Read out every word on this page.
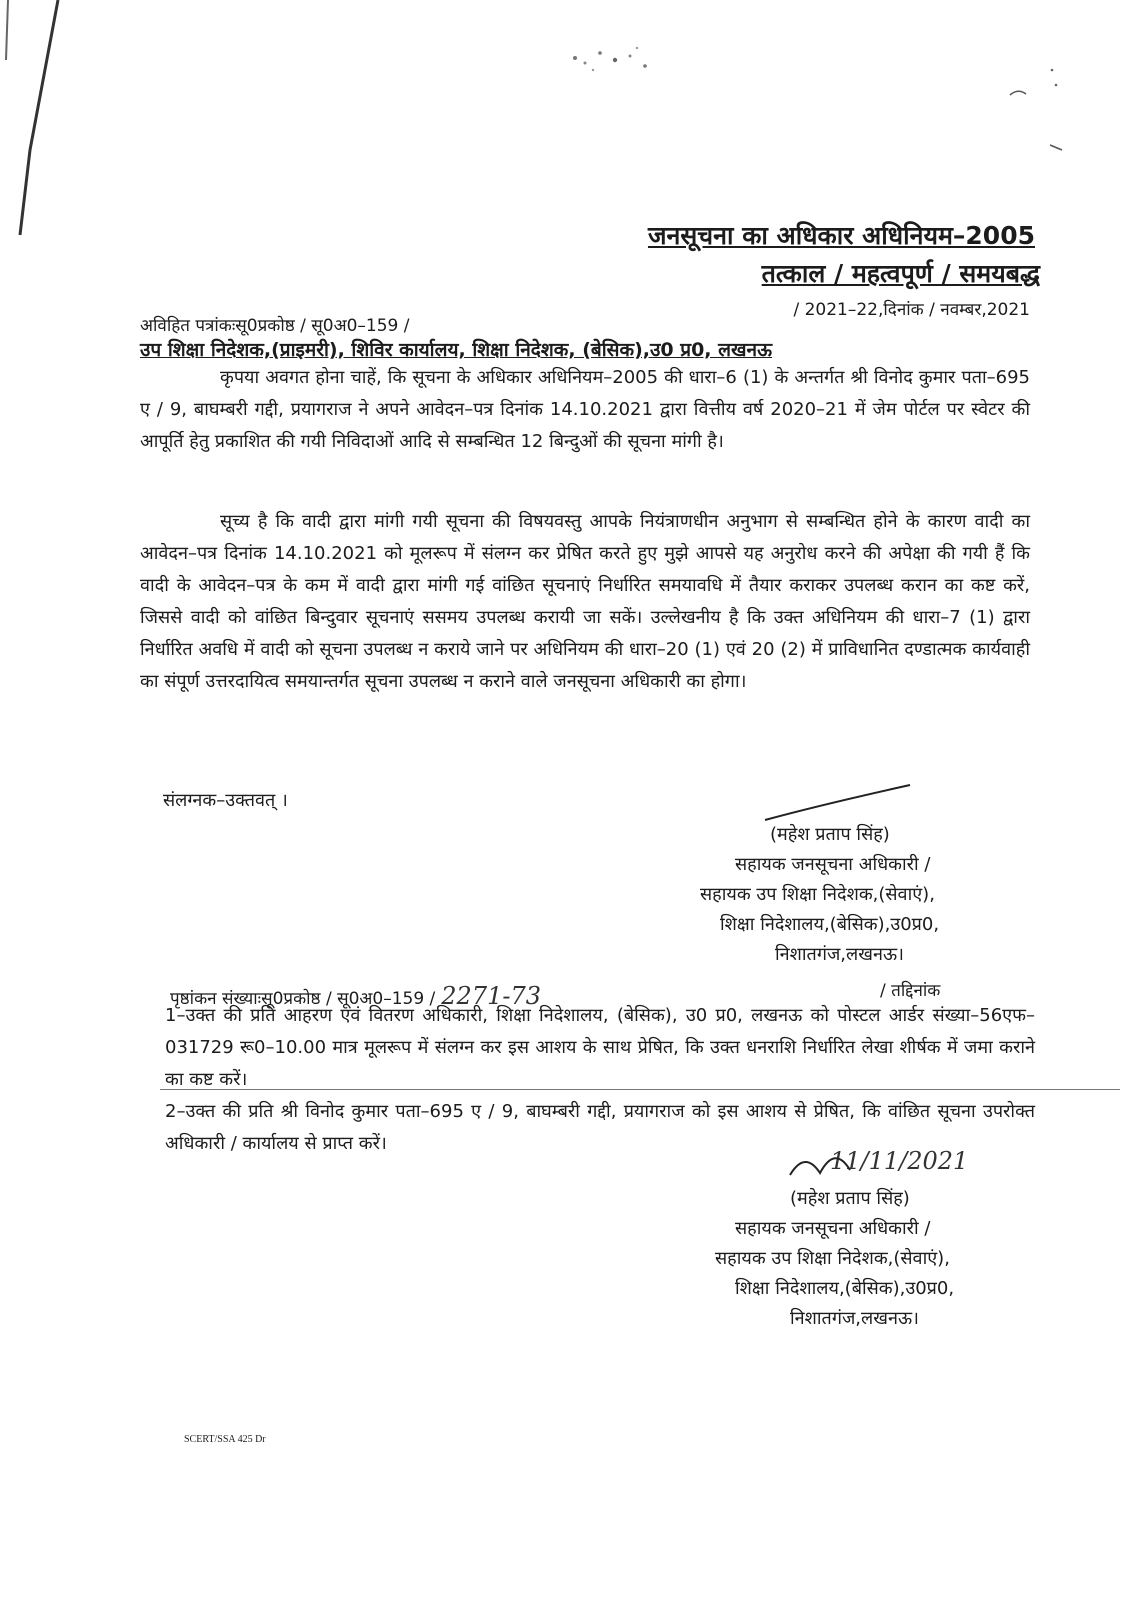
जनसूचना का अधिकार अधिनियम–2005
तत्काल / महत्वपूर्ण / समयबद्ध
/ 2021–22,दिनांक / नवम्बर,2021
अविहित पत्रांकःसू0प्रकोष्ठ / सू0अ0–159 /
उप शिक्षा निदेशक,(प्राइमरी), शिविर कार्यालय, शिक्षा निदेशक, (बेसिक),उ0 प्र0, लखनऊ

कृपया अवगत होना चाहें, कि सूचना के अधिकार अधिनियम–2005 की धारा–6 (1) के अन्तर्गत श्री विनोद कुमार पता–695 ए / 9, बाघम्बरी गद्दी, प्रयागराज ने अपने आवेदन–पत्र दिनांक 14.10.2021 द्वारा वित्तीय वर्ष 2020–21 में जेम पोर्टल पर स्वेटर की आपूर्ति हेतु प्रकाशित की गयी निविदाओं आदि से सम्बन्धित 12 बिन्दुओं की सूचना मांगी है।

सूच्य है कि वादी द्वारा मांगी गयी सूचना की विषयवस्तु आपके नियंत्राणधीन अनुभाग से सम्बन्धित होने के कारण वादी का आवेदन–पत्र दिनांक 14.10.2021 को मूलरूप में संलग्न कर प्रेषित करते हुए मुझे आपसे यह अनुरोध करने की अपेक्षा की गयी हैं कि वादी के आवेदन–पत्र के कम में वादी द्वारा मांगी गई वांछित सूचनाएं निर्धारित समयावधि में तैयार कराकर उपलब्ध करान का कष्ट करें, जिससे वादी को वांछित बिन्दुवार सूचनाएं ससमय उपलब्ध करायी जा सकें। उल्लेखनीय है कि उक्त अधिनियम की धारा–7 (1) द्वारा निर्धारित अवधि में वादी को सूचना उपलब्ध न कराये जाने पर अधिनियम की धारा–20 (1) एवं 20 (2) में प्राविधानित दण्डात्मक कार्यवाही का संपूर्ण उत्तरदायित्व समयान्तर्गत सूचना उपलब्ध न कराने वाले जनसूचना अधिकारी का होगा।

संलग्नक–उक्तवत् ।
(महेश प्रताप सिंह)
सहायक जनसूचना अधिकारी /
सहायक उप शिक्षा निदेशक,(सेवाएं),
शिक्षा निदेशालय,(बेसिक),उ0प्र0,
निशातगंज,लखनऊ।
पृष्ठांकन संख्याःसू0प्रकोष्ठ / सू0अ0–159 / 2271-73	/ तद्दिनांक
1–उक्त की प्रति आहरण एवं वितरण अधिकारी, शिक्षा निदेशालय, (बेसिक), उ0 प्र0, लखनऊ को पोस्टल आर्डर संख्या–56एफ–031729 रू0–10.00 मात्र मूलरूप में संलग्न कर इस आशय के साथ प्रेषित, कि उक्त धनराशि निर्धारित लेखा शीर्षक में जमा कराने का कष्ट करें।
2–उक्त की प्रति श्री विनोद कुमार पता–695 ए / 9, बाघम्बरी गद्दी, प्रयागराज को इस आशय से प्रेषित, कि वांछित सूचना उपरोक्त अधिकारी / कार्यालय से प्राप्त करें।
11/11/2021
(महेश प्रताप सिंह)
सहायक जनसूचना अधिकारी /
सहायक उप शिक्षा निदेशक,(सेवाएं),
शिक्षा निदेशालय,(बेसिक),उ0प्र0,
निशातगंज,लखनऊ।
SCERT/SSA 425 Dr
